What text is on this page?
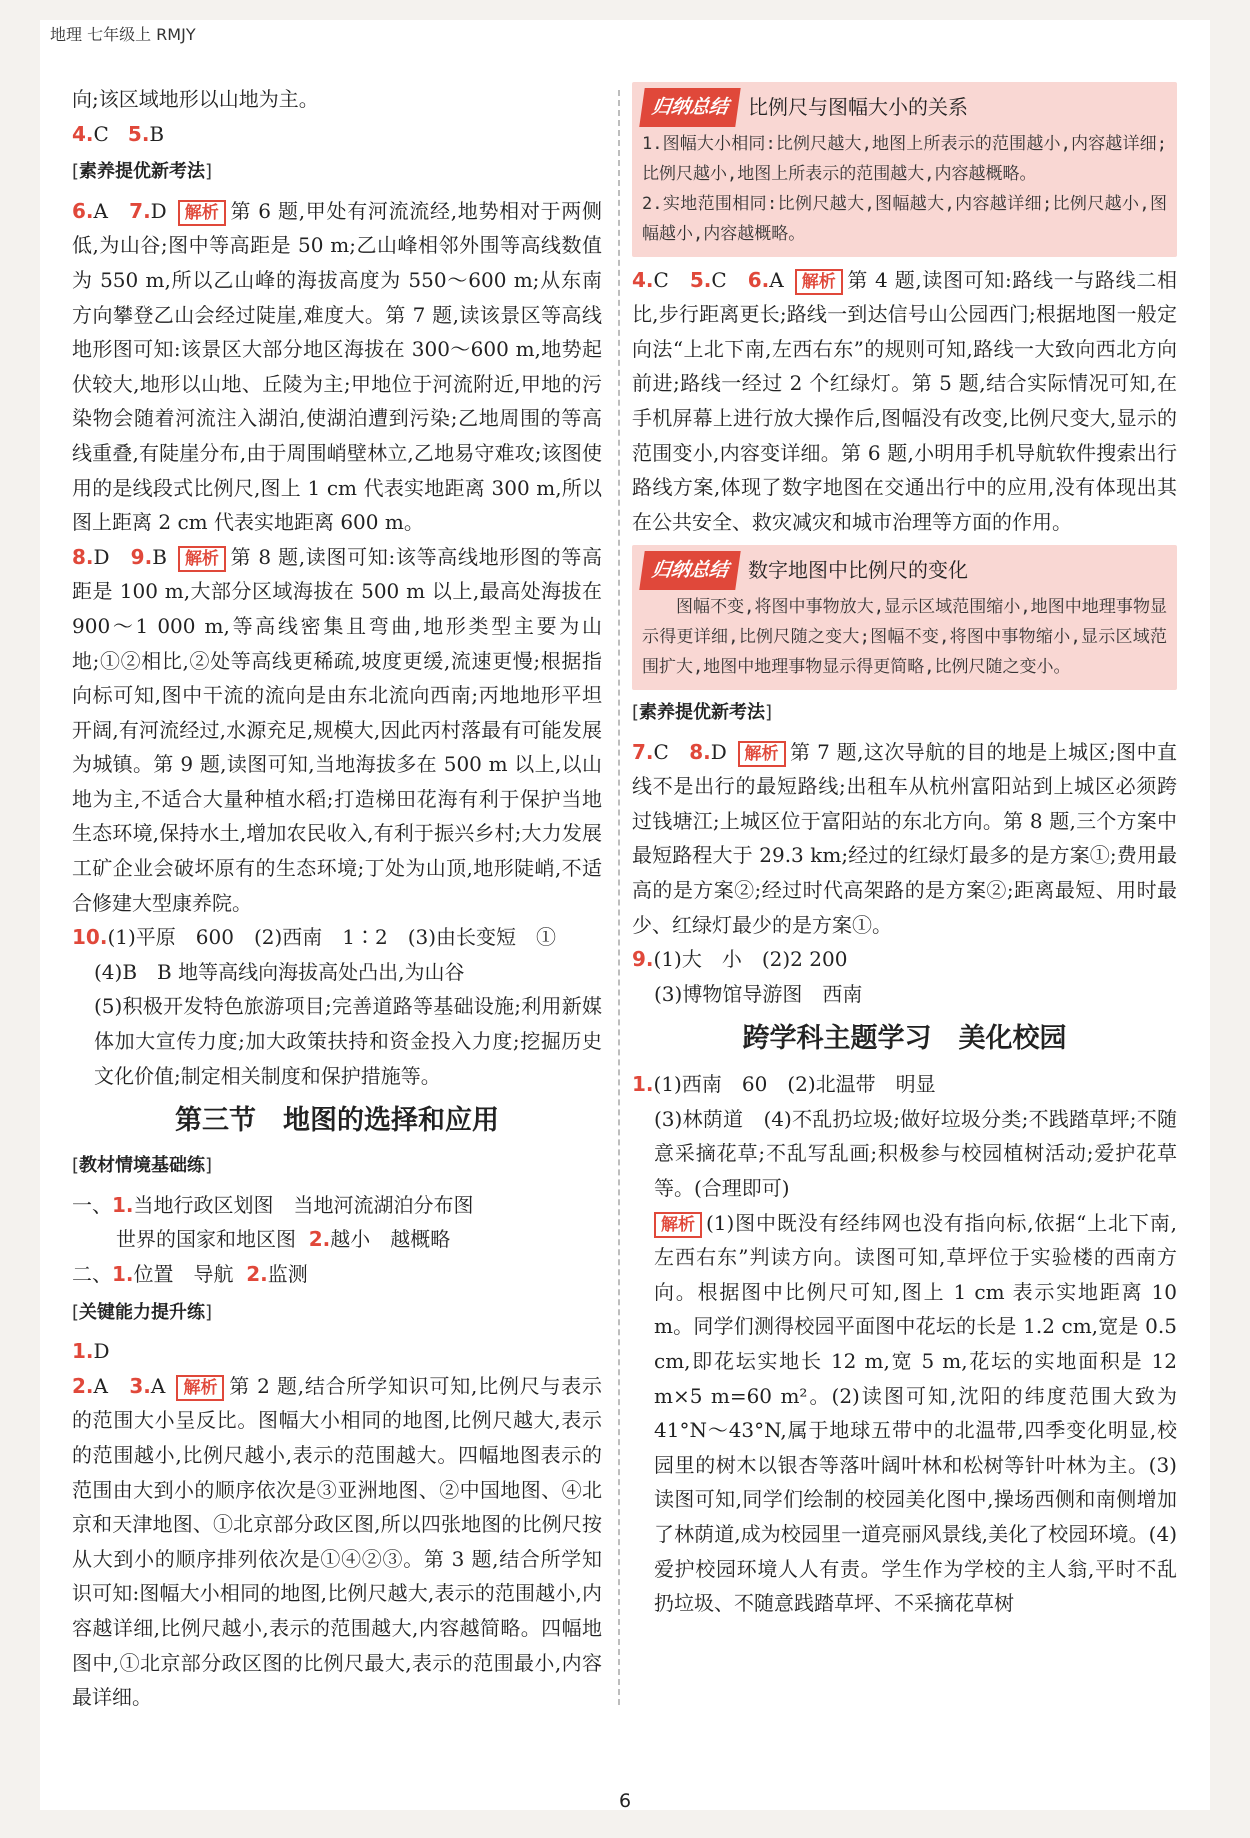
地理 七年级上 RMJY

向;该区域地形以山地为主。

4.C 5.B

[素养提优新考法]

6.A 7.D 解析 第 6 题,甲处有河流流经,地势相对于两侧低,为山谷;图中等高距是 50 m;乙山峰相邻外围等高线数值为 550 m,所以乙山峰的海拔高度为 550～600 m;从东南方向攀登乙山会经过陡崖,难度大。第 7 题,读该景区等高线地形图可知:该景区大部分地区海拔在 300～600 m,地势起伏较大,地形以山地、丘陵为主;甲地位于河流附近,甲地的污染物会随着河流注入湖泊,使湖泊遭到污染;乙地周围的等高线重叠,有陡崖分布,由于周围峭壁林立,乙地易守难攻;该图使用的是线段式比例尺,图上 1 cm 代表实地距离 300 m,所以图上距离 2 cm 代表实地距离 600 m。

8.D 9.B 解析 第 8 题,读图可知:该等高线地形图的等高距是 100 m,大部分区域海拔在 500 m 以上,最高处海拔在 900～1 000 m,等高线密集且弯曲,地形类型主要为山地;①②相比,②处等高线更稀疏,坡度更缓,流速更慢;根据指向标可知,图中干流的流向是由东北流向西南;丙地地形平坦开阔,有河流经过,水源充足,规模大,因此丙村落最有可能发展为城镇。第 9 题,读图可知,当地海拔多在 500 m 以上,以山地为主,不适合大量种植水稻;打造梯田花海有利于保护当地生态环境,保持水土,增加农民收入,有利于振兴乡村;大力发展工矿企业会破坏原有的生态环境;丁处为山顶,地形陡峭,不适合修建大型康养院。

10.(1)平原　600　(2)西南　1∶2　(3)由长变短　①

(4)B　B 地等高线向海拔高处凸出,为山谷

(5)积极开发特色旅游项目;完善道路等基础设施;利用新媒体加大宣传力度;加大政策扶持和资金投入力度;挖掘历史文化价值;制定相关制度和保护措施等。

第三节　地图的选择和应用
[教材情境基础练]

一、1.当地行政区划图　当地河流湖泊分布图

世界的国家和地区图 2.越小　越概略

二、1.位置　导航 2.监测

[关键能力提升练]

1.D

2.A 3.A 解析 第 2 题,结合所学知识可知,比例尺与表示的范围大小呈反比。图幅大小相同的地图,比例尺越大,表示的范围越小,比例尺越小,表示的范围越大。四幅地图表示的范围由大到小的顺序依次是③亚洲地图、②中国地图、④北京和天津地图、①北京部分政区图,所以四张地图的比例尺按从大到小的顺序排列依次是①④②③。第 3 题,结合所学知识可知:图幅大小相同的地图,比例尺越大,表示的范围越小,内容越详细,比例尺越小,表示的范围越大,内容越简略。四幅地图中,①北京部分政区图的比例尺最大,表示的范围最小,内容最详细。

归纳总结 比例尺与图幅大小的关系
1.图幅大小相同:比例尺越大,地图上所表示的范围越小,内容越详细;比例尺越小,地图上所表示的范围越大,内容越概略。
2.实地范围相同:比例尺越大,图幅越大,内容越详细;比例尺越小,图幅越小,内容越概略。

4.C 5.C 6.A 解析 第 4 题,读图可知:路线一与路线二相比,步行距离更长;路线一到达信号山公园西门;根据地图一般定向法“上北下南,左西右东”的规则可知,路线一大致向西北方向前进;路线一经过 2 个红绿灯。第 5 题,结合实际情况可知,在手机屏幕上进行放大操作后,图幅没有改变,比例尺变大,显示的范围变小,内容变详细。第 6 题,小明用手机导航软件搜索出行路线方案,体现了数字地图在交通出行中的应用,没有体现出其在公共安全、救灾减灾和城市治理等方面的作用。

归纳总结 数字地图中比例尺的变化
图幅不变,将图中事物放大,显示区域范围缩小,地图中地理事物显示得更详细,比例尺随之变大;图幅不变,将图中事物缩小,显示区域范围扩大,地图中地理事物显示得更简略,比例尺随之变小。
[素养提优新考法]

7.C 8.D 解析 第 7 题,这次导航的目的地是上城区;图中直线不是出行的最短路线;出租车从杭州富阳站到上城区必须跨过钱塘江;上城区位于富阳站的东北方向。第 8 题,三个方案中最短路程大于 29.3 km;经过的红绿灯最多的是方案①;费用最高的是方案②;经过时代高架路的是方案②;距离最短、用时最少、红绿灯最少的是方案①。

9.(1)大　小　(2)2 200

(3)博物馆导游图　西南

跨学科主题学习　美化校园

1.(1)西南　60　(2)北温带　明显

(3)林荫道　(4)不乱扔垃圾;做好垃圾分类;不践踏草坪;不随意采摘花草;不乱写乱画;积极参与校园植树活动;爱护花草等。(合理即可)

解析 (1)图中既没有经纬网也没有指向标,依据“上北下南,左西右东”判读方向。读图可知,草坪位于实验楼的西南方向。根据图中比例尺可知,图上 1 cm 表示实地距离 10 m。同学们测得校园平面图中花坛的长是 1.2 cm,宽是 0.5 cm,即花坛实地长 12 m,宽 5 m,花坛的实地面积是 12 m×5 m=60 m²。(2)读图可知,沈阳的纬度范围大致为 41°N～43°N,属于地球五带中的北温带,四季变化明显,校园里的树木以银杏等落叶阔叶林和松树等针叶林为主。(3)读图可知,同学们绘制的校园美化图中,操场西侧和南侧增加了林荫道,成为校园里一道亮丽风景线,美化了校园环境。(4)爱护校园环境人人有责。学生作为学校的主人翁,平时不乱扔垃圾、不随意践踏草坪、不采摘花草树

6
